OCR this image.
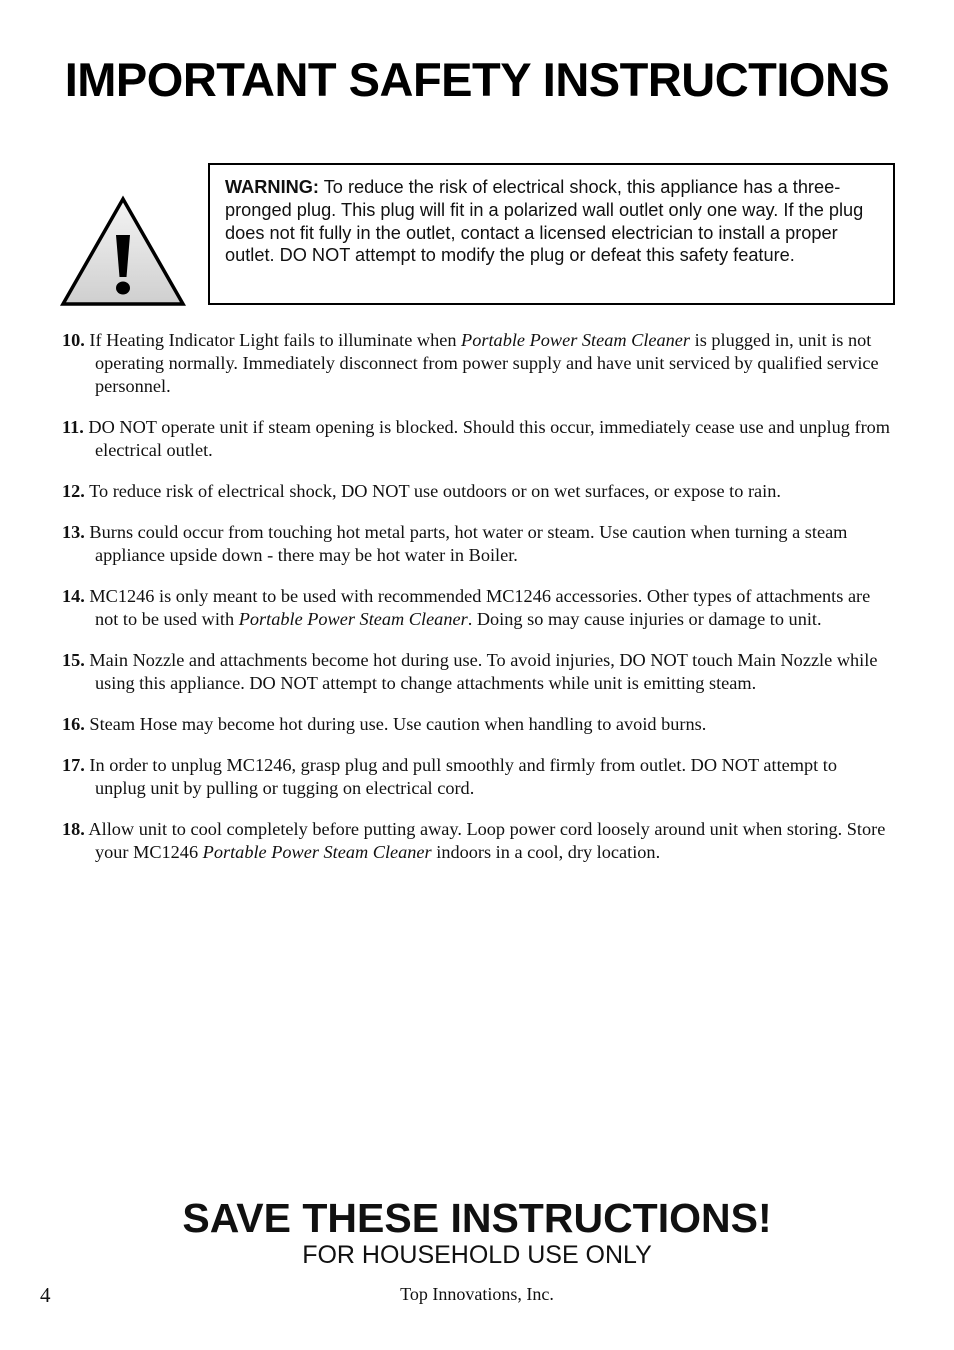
IMPORTANT SAFETY INSTRUCTIONS
WARNING: To reduce the risk of electrical shock, this appliance has a three-pronged plug. This plug will fit in a polarized wall outlet only one way. If the plug does not fit fully in the outlet, contact a licensed electrician to install a proper outlet. DO NOT attempt to modify the plug or defeat this safety feature.
10. If Heating Indicator Light fails to illuminate when Portable Power Steam Cleaner is plugged in, unit is not operating normally. Immediately disconnect from power supply and have unit serviced by qualified service personnel.
11. DO NOT operate unit if steam opening is blocked. Should this occur, immediately cease use and unplug from electrical outlet.
12. To reduce risk of electrical shock, DO NOT use outdoors or on wet surfaces, or expose to rain.
13. Burns could occur from touching hot metal parts, hot water or steam. Use caution when turning a steam appliance upside down - there may be hot water in Boiler.
14. MC1246 is only meant to be used with recommended MC1246 accessories. Other types of attachments are not to be used with Portable Power Steam Cleaner. Doing so may cause injuries or damage to unit.
15. Main Nozzle and attachments become hot during use. To avoid injuries, DO NOT touch Main Nozzle while using this appliance. DO NOT attempt to change attachments while unit is emitting steam.
16. Steam Hose may become hot during use. Use caution when handling to avoid burns.
17. In order to unplug MC1246, grasp plug and pull smoothly and firmly from outlet. DO NOT attempt to unplug unit by pulling or tugging on electrical cord.
18. Allow unit to cool completely before putting away. Loop power cord loosely around unit when storing. Store your MC1246 Portable Power Steam Cleaner indoors in a cool, dry location.
SAVE THESE INSTRUCTIONS!
FOR HOUSEHOLD USE ONLY
4	Top Innovations, Inc.
